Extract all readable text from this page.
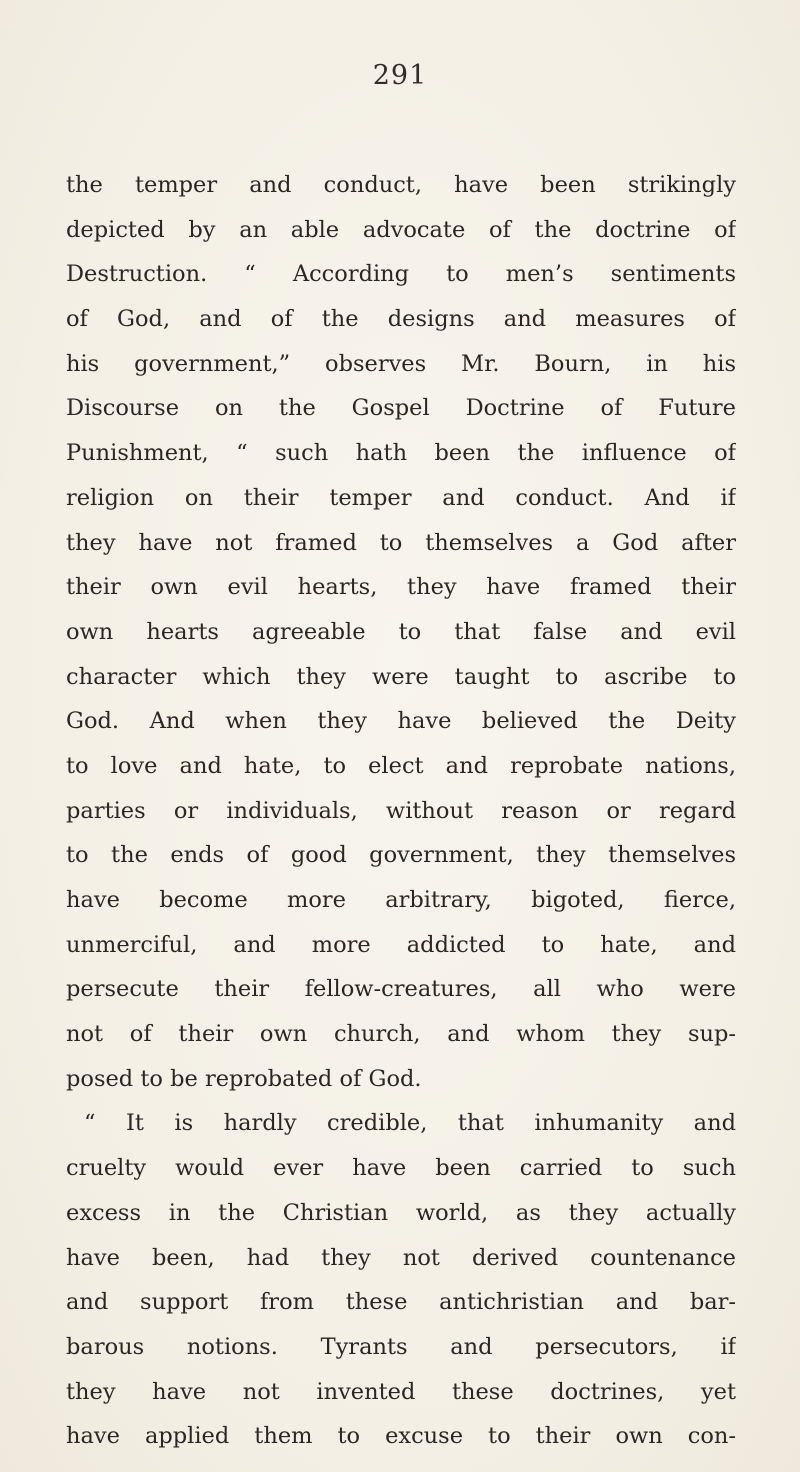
291
the temper and conduct, have been strikingly
depicted by an able advocate of the doctrine of
Destruction. “ According to men’s sentiments
of God, and of the designs and measures of
his government,” observes Mr. Bourn, in his
Discourse on the Gospel Doctrine of Future
Punishment, “ such hath been the influence of
religion on their temper and conduct. And if
they have not framed to themselves a God after
their own evil hearts, they have framed their
own hearts agreeable to that false and evil
character which they were taught to ascribe to
God. And when they have believed the Deity
to love and hate, to elect and reprobate nations,
parties or individuals, without reason or regard
to the ends of good government, they themselves
have become more arbitrary, bigoted, fierce,
unmerciful, and more addicted to hate, and
persecute their fellow-creatures, all who were
not of their own church, and whom they sup-
posed to be reprobated of God.
“ It is hardly credible, that inhumanity and
cruelty would ever have been carried to such
excess in the Christian world, as they actually
have been, had they not derived countenance
and support from these antichristian and bar-
barous notions. Tyrants and persecutors, if
they have not invented these doctrines, yet
have applied them to excuse to their own con-
